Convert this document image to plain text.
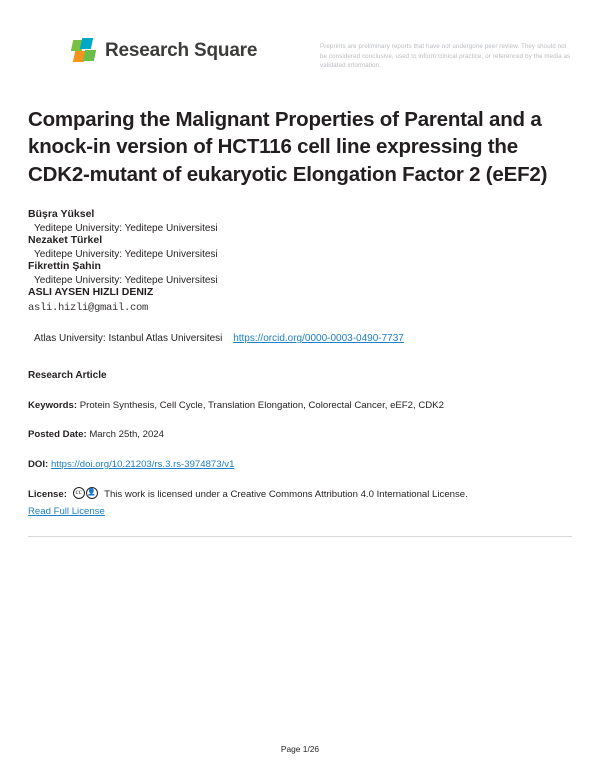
Research Square	Preprints are preliminary reports that have not undergone peer review. They should not be considered conclusive, used to inform clinical practice, or referenced by the media as validated information.
Comparing the Malignant Properties of Parental and a knock-in version of HCT116 cell line expressing the CDK2-mutant of eukaryotic Elongation Factor 2 (eEF2)
Büşra Yüksel
Yeditepe University: Yeditepe Universitesi
Nezaket Türkel
Yeditepe University: Yeditepe Universitesi
Fikrettin Şahin
Yeditepe University: Yeditepe Universitesi
ASLI AYSEN HIZLI DENIZ
asli.hizli@gmail.com
Atlas University: Istanbul Atlas Universitesi https://orcid.org/0000-0003-0490-7737
Research Article
Keywords: Protein Synthesis, Cell Cycle, Translation Elongation, Colorectal Cancer, eEF2, CDK2
Posted Date: March 25th, 2024
DOI: https://doi.org/10.21203/rs.3.rs-3974873/v1
License: cc 👤 This work is licensed under a Creative Commons Attribution 4.0 International License.
Read Full License
Page 1/26
